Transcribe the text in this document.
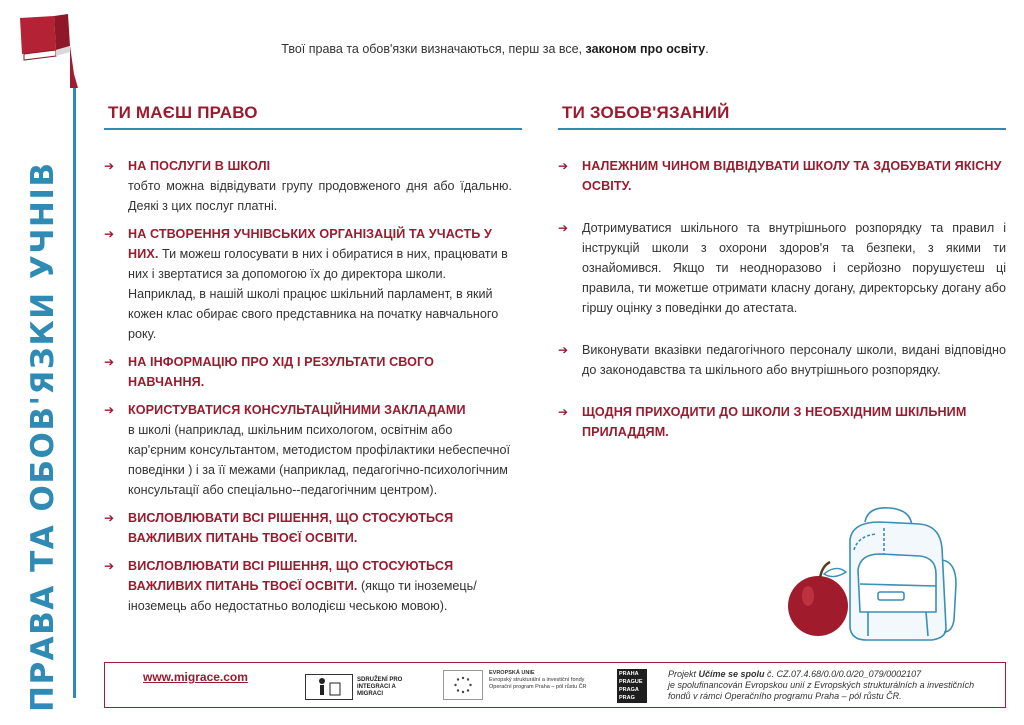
ПРАВА ТА ОБОВ'ЯЗКИ УЧНІВ

Твої права та обов'язки визначаються, перш за все, законом про освіту.

ТИ МАЄШ ПРАВО
➔ НА ПОСЛУГИ В ШКОЛІ
тобто можна відвідувати групу продовженого дня або їдальню. Деякі з цих послуг платні.
➔ НА СТВОРЕННЯ УЧНІВСЬКИХ ОРГАНІЗАЦІЙ ТА УЧАСТЬ У НИХ. Ти можеш голосувати в них і обиратися в них, працювати в них і звертатися за допомогою їх до директора школи. Наприклад, в нашій школі працює шкільний парламент, в який кожен клас обирає свого представника на початку навчального року.
➔ НА ІНФОРМАЦІЮ ПРО ХІД І РЕЗУЛЬТАТИ СВОГО НАВЧАННЯ.
➔ КОРИСТУВАТИСЯ КОНСУЛЬТАЦІЙНИМИ ЗАКЛАДАМИ
в школі (наприклад, шкільним психологом, освітнім або кар'єрним консультантом, методистом профілактики небеспечної поведінки ) і за її межами (наприклад, педагогічно-психологічним консультації або спеціально--педагогічним центром).
➔ ВИСЛОВЛЮВАТИ ВСІ РІШЕННЯ, ЩО СТОСУЮТЬСЯ ВАЖЛИВИХ ПИТАНЬ ТВОЄЇ ОСВІТИ.
➔ ВИСЛОВЛЮВАТИ ВСІ РІШЕННЯ, ЩО СТОСУЮТЬСЯ ВАЖЛИВИХ ПИТАНЬ ТВОЄЇ ОСВІТИ. (якщо ти іноземець/іноземець або недостатньо володієш чеською мовою).
ТИ ЗОБОВ'ЯЗАНИЙ
➔ НАЛЕЖНИМ ЧИНОМ ВІДВІДУВАТИ ШКОЛУ ТА ЗДОБУВАТИ ЯКІСНУ ОСВІТУ.
➔ Дотримуватися шкільного та внутрішнього розпорядку та правил і інструкцій школи з охорони здоров'я та безпеки, з якими ти ознайомився. Якщо ти неодноразово і серйозно порушуєтеш ці правила, ти можетше отримати класну догану, директорську догану або гіршу оцінку з поведінки до атестата.
➔ Виконувати вказівки педагогічного персоналу школи, видані відповідно до законодавства та шкільного або внутрішнього розпорядку.
➔ ЩОДНЯ ПРИХОДИТИ ДО ШКОЛИ З НЕОБХІДНИМ ШКІЛЬНИМ ПРИЛАДДЯМ.
www.migrace.com	SDRUŽENÍ PRO INTEGRACI A MIGRACI
EVROPSKÁ UNIE
Evropský strukturální a investiční fondy
Operační program Praha – pól růstu ČR
PRAHA PRAGUE PRAGA PRAG
Projekt Učíme se spolu č. CZ.07.4.68/0.0/0.0/20_079/0002107
je spolufinancován Evropskou unií z Evropských strukturálních a investičních
fondů v rámci Operačního programu Praha – pól růstu ČR.
